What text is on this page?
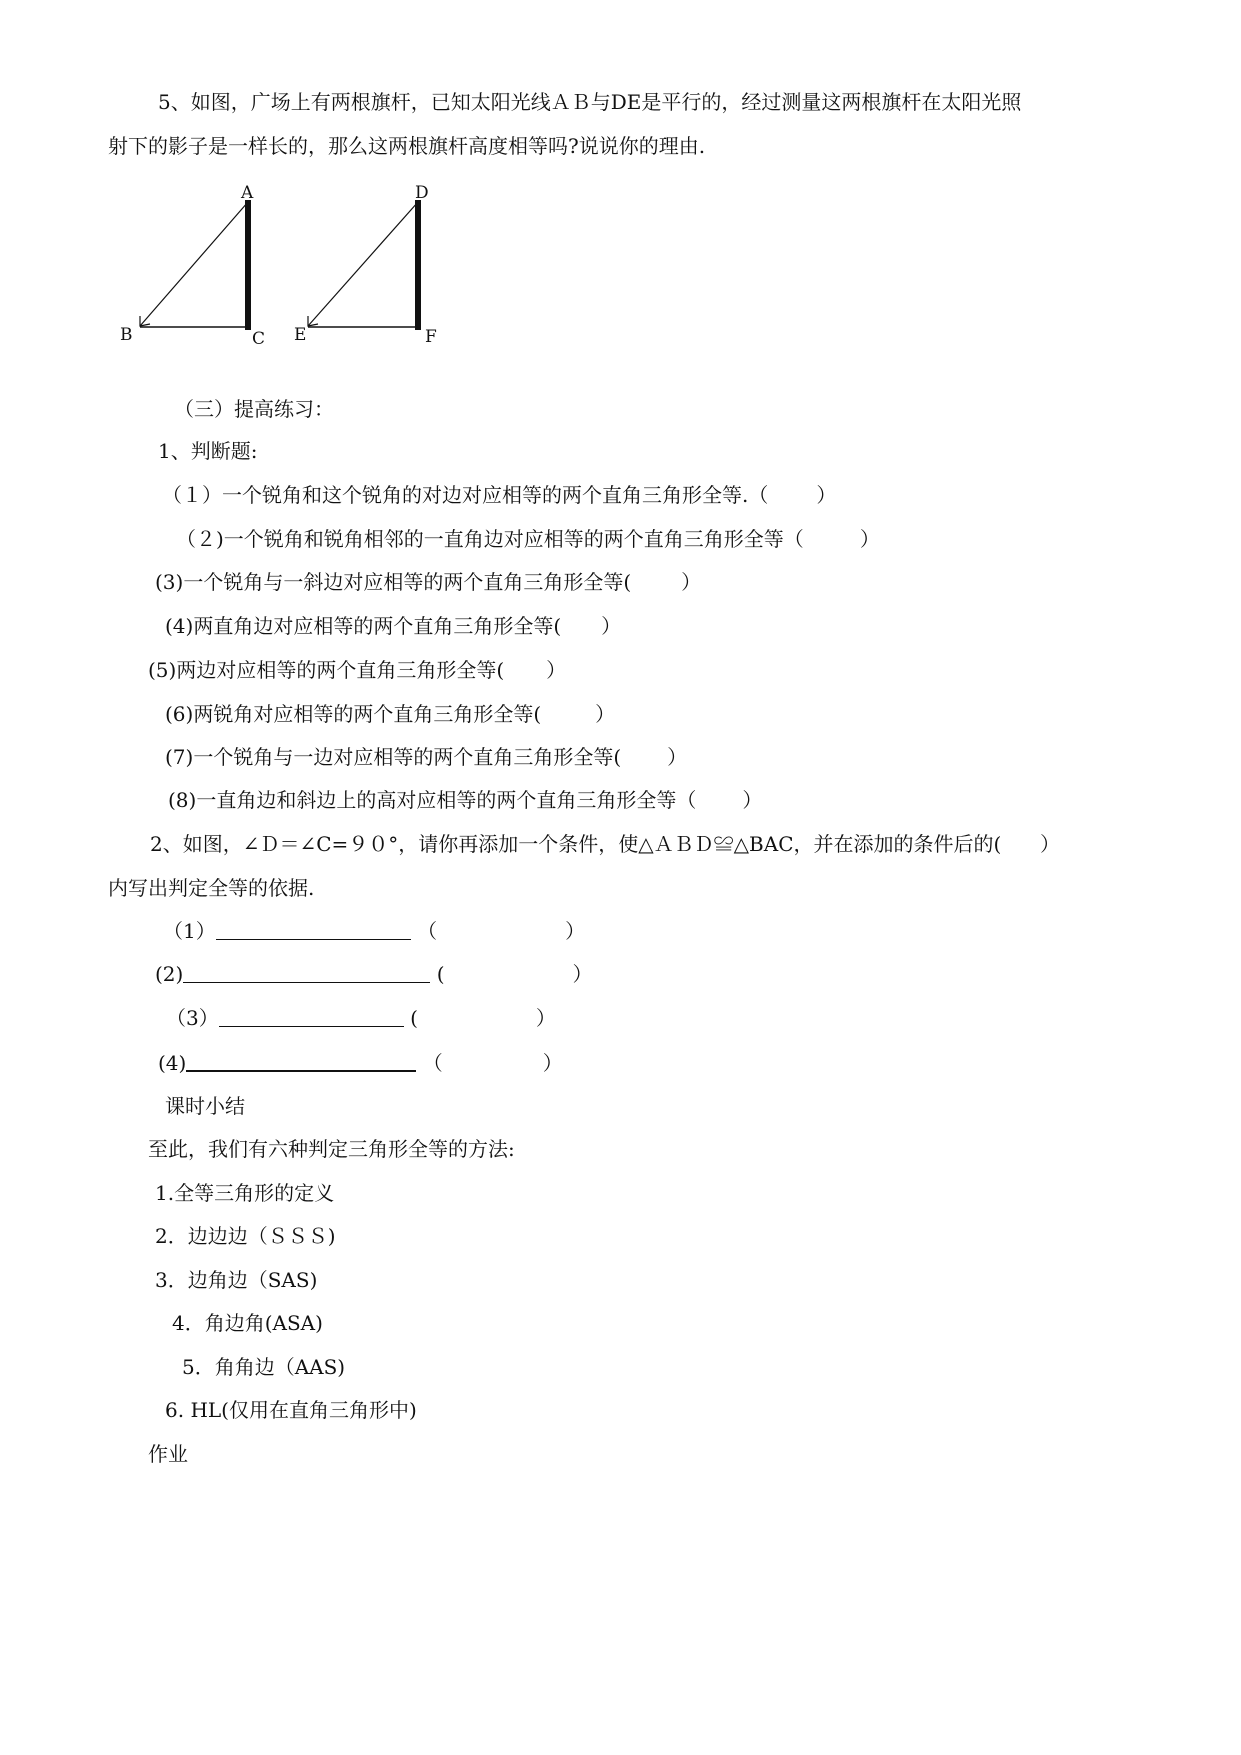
5、如图，广场上有两根旗杆，已知太阳光线ＡＢ与DE是平行的，经过测量这两根旗杆在太阳光照

射下的影子是一样长的，那么这两根旗杆高度相等吗?说说你的理由.

A
B	C
D
E	F

（三）提高练习：

1、判断题:

（１）一个锐角和这个锐角的对边对应相等的两个直角三角形全等.（ ）

（２)一个锐角和锐角相邻的一直角边对应相等的两个直角三角形全等（	）

(3)一个锐角与一斜边对应相等的两个直角三角形全等(	）

(4)两直角边对应相等的两个直角三角形全等( ）

(5)两边对应相等的两个直角三角形全等( ）

(6)两锐角对应相等的两个直角三角形全等(	）

(7)一个锐角与一边对应相等的两个直角三角形全等( ）

(8)一直角边和斜边上的高对应相等的两个直角三角形全等（ ）

2、如图，∠Ｄ＝∠C=９０°，请你再添加一个条件，使△ＡＢＤ≌△BAC，并在添加的条件后的( ）

内写出判定全等的依据.

（1）	（	）

(2)	(	）

（3）	(	）

(4)	（	）

课时小结

至此，我们有六种判定三角形全等的方法:

1.全等三角形的定义

2．边边边（ＳＳＳ)

3．边角边（SAS)

4．角边角(ASA)

5．角角边（AAS)

6. HL(仅用在直角三角形中)

作业
